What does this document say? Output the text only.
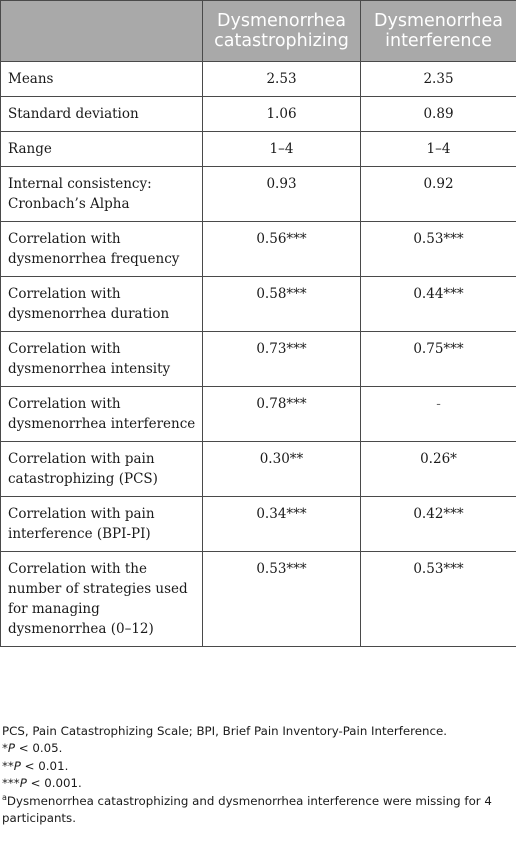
	Dysmenorrhea catastrophizing	Dysmenorrhea interference
Means	2.53	2.35
Standard deviation	1.06	0.89
Range	1–4	1–4
Internal consistency: Cronbach’s Alpha	0.93	0.92
Correlation with dysmenorrhea frequency	0.56***	0.53***
Correlation with dysmenorrhea duration	0.58***	0.44***
Correlation with dysmenorrhea intensity	0.73***	0.75***
Correlation with dysmenorrhea interference	0.78***	-
Correlation with pain catastrophizing (PCS)	0.30**	0.26*
Correlation with pain interference (BPI-PI)	0.34***	0.42***
Correlation with the number of strategies used for managing dysmenorrhea (0–12)	0.53***	0.53***

PCS, Pain Catastrophizing Scale; BPI, Brief Pain Inventory-Pain Interference.

*P < 0.05.

**P < 0.01.

***P < 0.001.

$^a$Dysmenorrhea catastrophizing and dysmenorrhea interference were missing for 4 participants.
